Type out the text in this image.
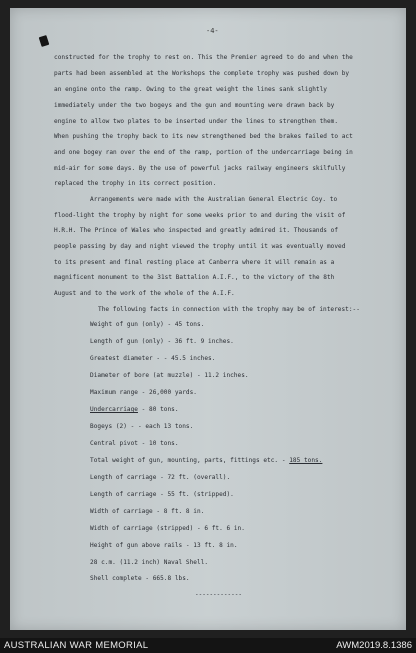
-4-
constructed for the trophy to rest on. This the Premier agreed to do and when the
parts had been assembled at the Workshops the complete trophy was pushed down by
an engine onto the ramp. Owing to the great weight the lines sank slightly
immediately under the two bogeys and the gun and mounting were drawn back by
engine to allow two plates to be inserted under the lines to strengthen them.
When pushing the trophy back to its new strengthened bed the brakes failed to act
and one bogey ran over the end of the ramp, portion of the undercarriage being in
mid-air for some days. By the use of powerful jacks railway engineers skilfully
replaced the trophy in its correct position.
Arrangements were made with the Australian General Electric Coy. to
flood-light the trophy by night for some weeks prior to and during the visit of
H.R.H. The Prince of Wales who inspected and greatly admired it. Thousands of
people passing by day and night viewed the trophy until it was eventually moved
to its present and final resting place at Canberra where it will remain as a
magnificent monument to the 31st Battalion A.I.F., to the victory of the 8th
August and to the work of the whole of the A.I.F.
The following facts in connection with the trophy may be of interest:--
Weight of gun (only) - 45 tons.
Length of gun (only) - 36 ft. 9 inches.
Greatest diameter - - 45.5 inches.
Diameter of bore (at muzzle) - 11.2 inches.
Maximum range - 26,000 yards.
Undercarriage - 80 tons.
Bogeys (2) - - each 13 tons.
Central pivot - 10 tons.
Total weight of gun, mounting, parts, fittings etc. - 185 tons.
Length of carriage - 72 ft. (overall).
Length of carriage - 55 ft. (stripped).
Width of carriage - 8 ft. 8 in.
Width of carriage (stripped) - 6 ft. 6 in.
Height of gun above rails - 13 ft. 8 in.
28 c.m. (11.2 inch) Naval Shell.
Shell complete - 665.8 lbs.
-------------
AUSTRALIAN WAR MEMORIAL	AWM2019.8.1386
